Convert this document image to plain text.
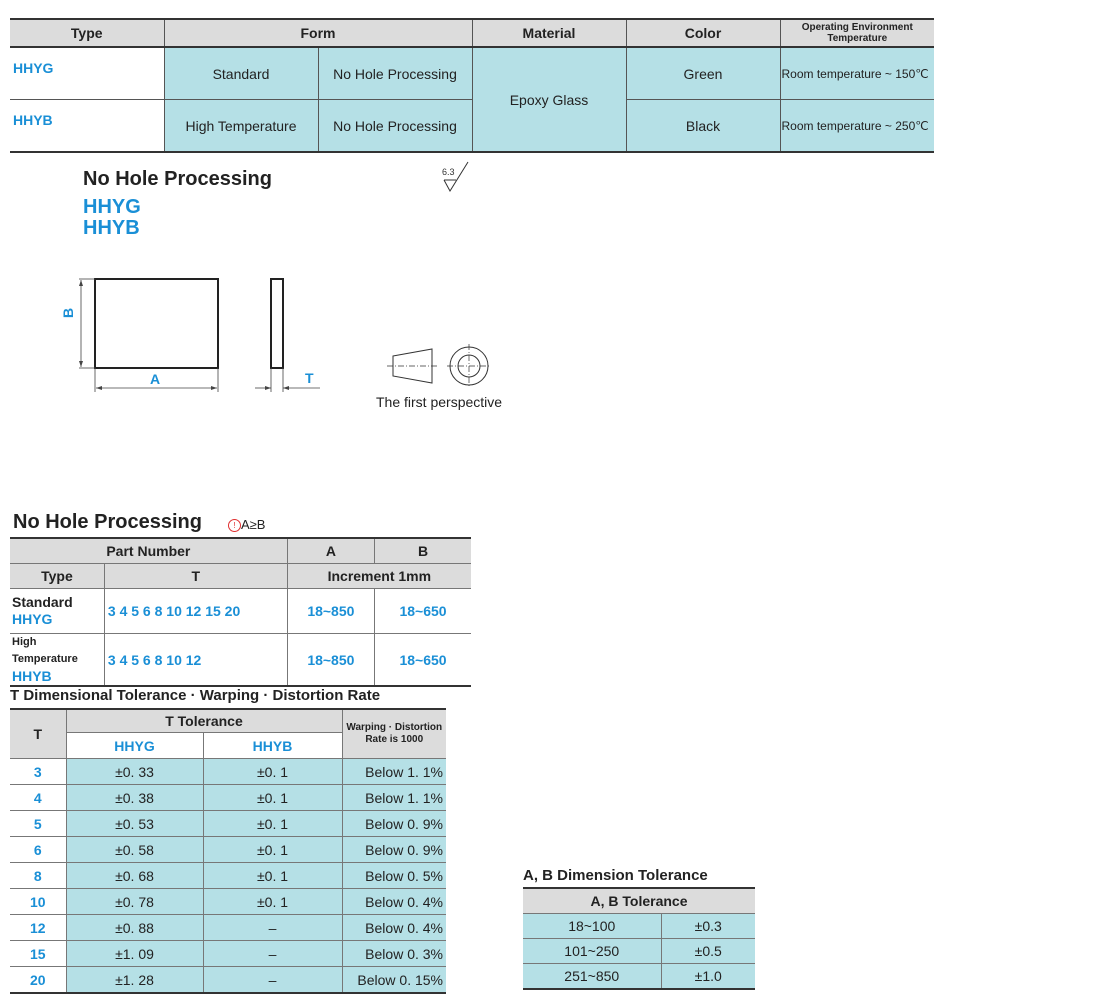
Type	Form		Material	Color	Operating Environment Temperature
HHYG	Standard	No Hole Processing	Epoxy Glass	Green	Room temperature ~ 150℃
HHYB	High Temperature	No Hole Processing		Black	Room temperature ~ 250℃
No Hole Processing
HHYG
HHYB
6.3
B
A	T
The first perspective
No Hole Processing	! A≥B
Part Number		A	B
Type	T	Increment 1mm	

Standard
HHYG	3 4 5 6 8 10 12 15 20	18~850	18~650

High Temperature
HHYB	3 4 5 6 8 10 12	18~850	18~650
T Dimensional Tolerance · Warping · Distortion Rate
T	T Tolerance		Warping · Distortion Rate is 1000
	HHYG	HHYB	
3	±0. 33	±0. 1	Below 1. 1%
4	±0. 38	±0. 1	Below 1. 1%
5	±0. 53	±0. 1	Below 0. 9%
6	±0. 58	±0. 1	Below 0. 9%
8	±0. 68	±0. 1	Below 0. 5%
10	±0. 78	±0. 1	Below 0. 4%
12	±0. 88	–	Below 0. 4%
15	±1. 09	–	Below 0. 3%
20	±1. 28	–	Below 0. 15%
A, B Dimension Tolerance
A, B Tolerance	
18~100	±0.3
101~250	±0.5
251~850	±1.0
